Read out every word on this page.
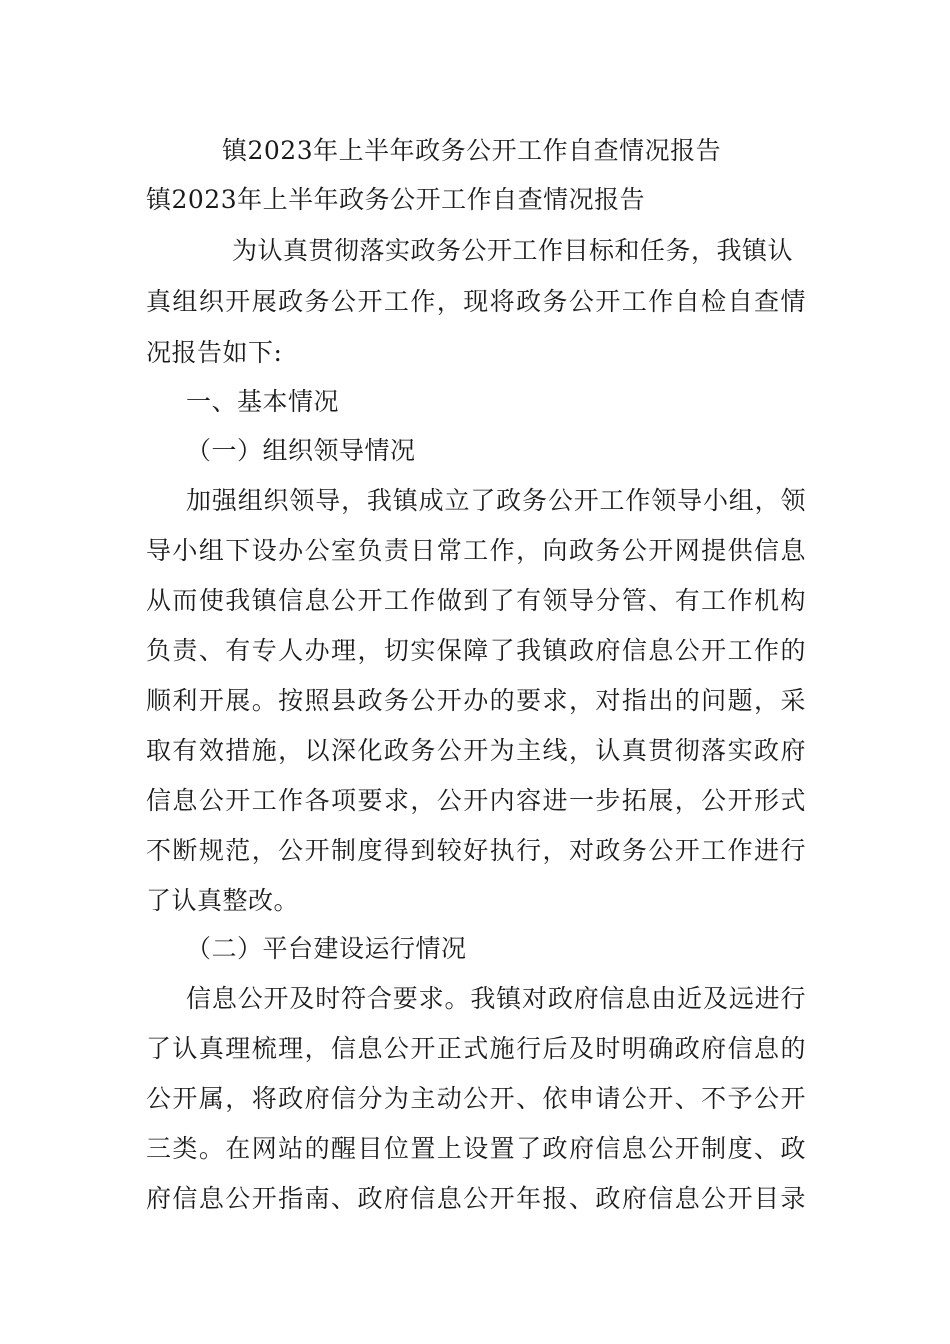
镇2023年上半年政务公开工作自查情况报告
镇2023年上半年政务公开工作自查情况报告
为认真贯彻落实政务公开工作目标和任务，我镇认
真组织开展政务公开工作，现将政务公开工作自检自查情
况报告如下:
一、基本情况
（一）组织领导情况
加强组织领导，我镇成立了政务公开工作领导小组，领
导小组下设办公室负责日常工作，向政务公开网提供信息
从而使我镇信息公开工作做到了有领导分管、有工作机构
负责、有专人办理，切实保障了我镇政府信息公开工作的
顺利开展。按照县政务公开办的要求，对指出的问题，采
取有效措施，以深化政务公开为主线，认真贯彻落实政府
信息公开工作各项要求，公开内容进一步拓展，公开形式
不断规范，公开制度得到较好执行，对政务公开工作进行
了认真整改。
（二）平台建设运行情况
信息公开及时符合要求。我镇对政府信息由近及远进行
了认真理梳理，信息公开正式施行后及时明确政府信息的
公开属，将政府信分为主动公开、依申请公开、不予公开
三类。在网站的醒目位置上设置了政府信息公开制度、政
府信息公开指南、政府信息公开年报、政府信息公开目录
